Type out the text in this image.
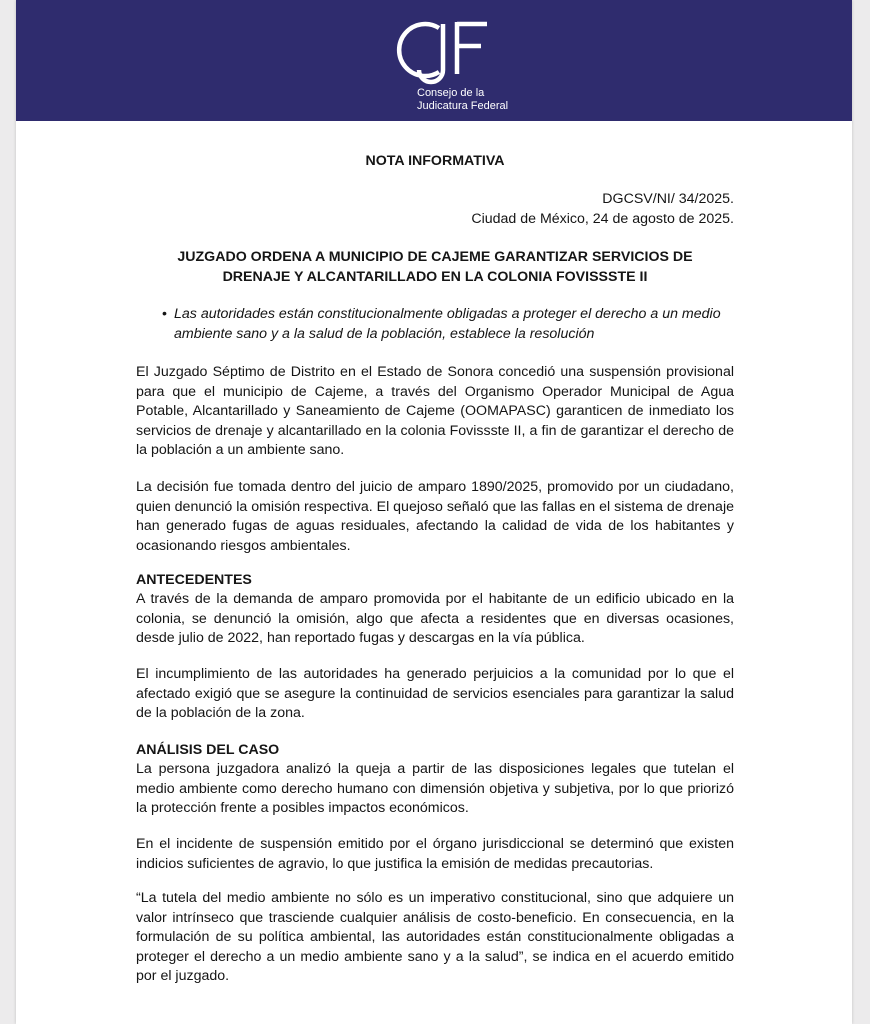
Consejo de la
Judicatura Federal
NOTA INFORMATIVA
DGCSV/NI/ 34/2025.
Ciudad de México, 24 de agosto de 2025.
JUZGADO ORDENA A MUNICIPIO DE CAJEME GARANTIZAR SERVICIOS DE
DRENAJE Y ALCANTARILLADO EN LA COLONIA FOVISSSTE II
• Las autoridades están constitucionalmente obligadas a proteger el derecho a un medio ambiente sano y a la salud de la población, establece la resolución
El Juzgado Séptimo de Distrito en el Estado de Sonora concedió una suspensión provisional para que el municipio de Cajeme, a través del Organismo Operador Municipal de Agua Potable, Alcantarillado y Saneamiento de Cajeme (OOMAPASC) garanticen de inmediato los servicios de drenaje y alcantarillado en la colonia Fovissste II, a fin de garantizar el derecho de la población a un ambiente sano.
La decisión fue tomada dentro del juicio de amparo 1890/2025, promovido por un ciudadano, quien denunció la omisión respectiva. El quejoso señaló que las fallas en el sistema de drenaje han generado fugas de aguas residuales, afectando la calidad de vida de los habitantes y ocasionando riesgos ambientales.
ANTECEDENTES
A través de la demanda de amparo promovida por el habitante de un edificio ubicado en la colonia, se denunció la omisión, algo que afecta a residentes que en diversas ocasiones, desde julio de 2022, han reportado fugas y descargas en la vía pública.
El incumplimiento de las autoridades ha generado perjuicios a la comunidad por lo que el afectado exigió que se asegure la continuidad de servicios esenciales para garantizar la salud de la población de la zona.
ANÁLISIS DEL CASO
La persona juzgadora analizó la queja a partir de las disposiciones legales que tutelan el medio ambiente como derecho humano con dimensión objetiva y subjetiva, por lo que priorizó la protección frente a posibles impactos económicos.
En el incidente de suspensión emitido por el órgano jurisdiccional se determinó que existen indicios suficientes de agravio, lo que justifica la emisión de medidas precautorias.
“La tutela del medio ambiente no sólo es un imperativo constitucional, sino que adquiere un valor intrínseco que trasciende cualquier análisis de costo-beneficio. En consecuencia, en la formulación de su política ambiental, las autoridades están constitucionalmente obligadas a proteger el derecho a un medio ambiente sano y a la salud”, se indica en el acuerdo emitido por el juzgado.
